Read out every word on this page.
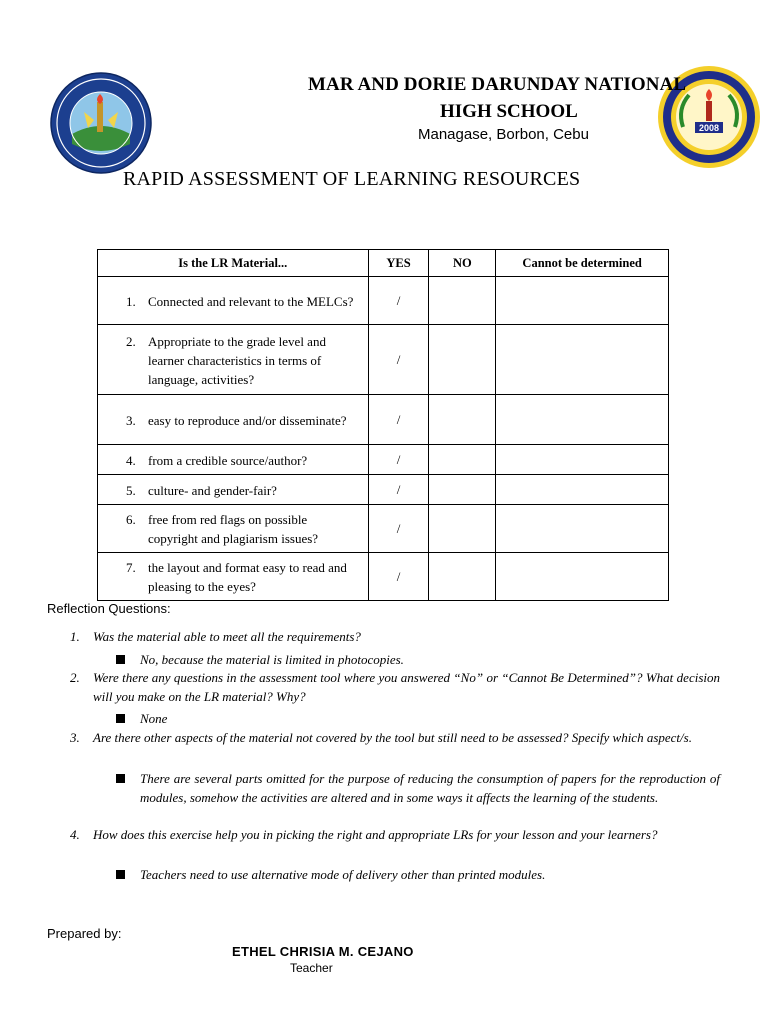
2008
MAR AND DORIE DARUNDAY NATIONAL
HIGH SCHOOL
Managase, Borbon, Cebu
RAPID ASSESSMENT OF LEARNING RESOURCES
Is the LR Material...	YES	NO	Cannot be determined

1. Connected and relevant to the MELCs?	/		

2. Appropriate to the grade level and learner characteristics in terms of language, activities?	/		

3. easy to reproduce and/or disseminate?	/		

4. from a credible source/author?	/		

5. culture- and gender-fair?	/		

6. free from red flags on possible copyright and plagiarism issues?	/		

7. the layout and format easy to read and pleasing to the eyes?	/		
Reflection Questions:
1. Was the material able to meet all the requirements?
No, because the material is limited in photocopies.
2. Were there any questions in the assessment tool where you answered “No” or “Cannot Be Determined”? What decision will you make on the LR material? Why?
None
3. Are there other aspects of the material not covered by the tool but still need to be assessed? Specify which aspect/s.
There are several parts omitted for the purpose of reducing the consumption of papers for the reproduction of modules, somehow the activities are altered and in some ways it affects the learning of the students.
4. How does this exercise help you in picking the right and appropriate LRs for your lesson and your learners?
Teachers need to use alternative mode of delivery other than printed modules.
Prepared by:
ETHEL CHRISIA M. CEJANO
Teacher
